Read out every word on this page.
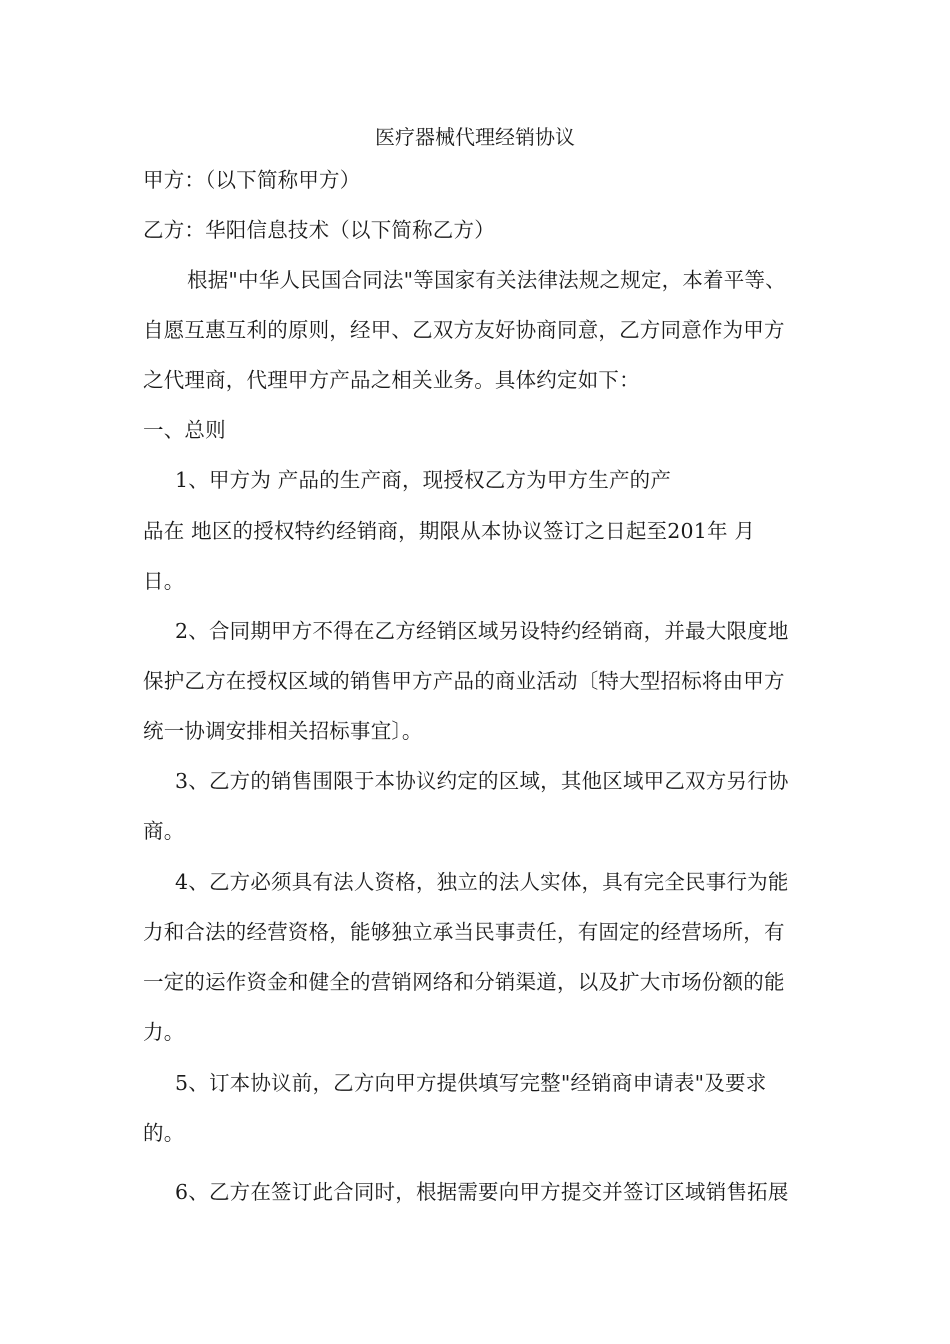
医疗器械代理经销协议
甲方：（以下简称甲方）
乙方：华阳信息技术（以下简称乙方）
根据"中华人民国合同法"等国家有关法律法规之规定，本着平等、
自愿互惠互利的原则，经甲、乙双方友好协商同意，乙方同意作为甲方
之代理商，代理甲方产品之相关业务。具体约定如下：
一、总则
1、甲方为 产品的生产商，现授权乙方为甲方生产的产
品在 地区的授权特约经销商，期限从本协议签订之日起至201年 月
日。
2、合同期甲方不得在乙方经销区域另设特约经销商，并最大限度地
保护乙方在授权区域的销售甲方产品的商业活动〔特大型招标将由甲方
统一协调安排相关招标事宜〕。
3、乙方的销售围限于本协议约定的区域，其他区域甲乙双方另行协
商。
4、乙方必须具有法人资格，独立的法人实体，具有完全民事行为能
力和合法的经营资格，能够独立承当民事责任，有固定的经营场所，有
一定的运作资金和健全的营销网络和分销渠道，以及扩大市场份额的能
力。
5、订本协议前，乙方向甲方提供填写完整"经销商申请表"及要求
的。
6、乙方在签订此合同时，根据需要向甲方提交并签订区域销售拓展
